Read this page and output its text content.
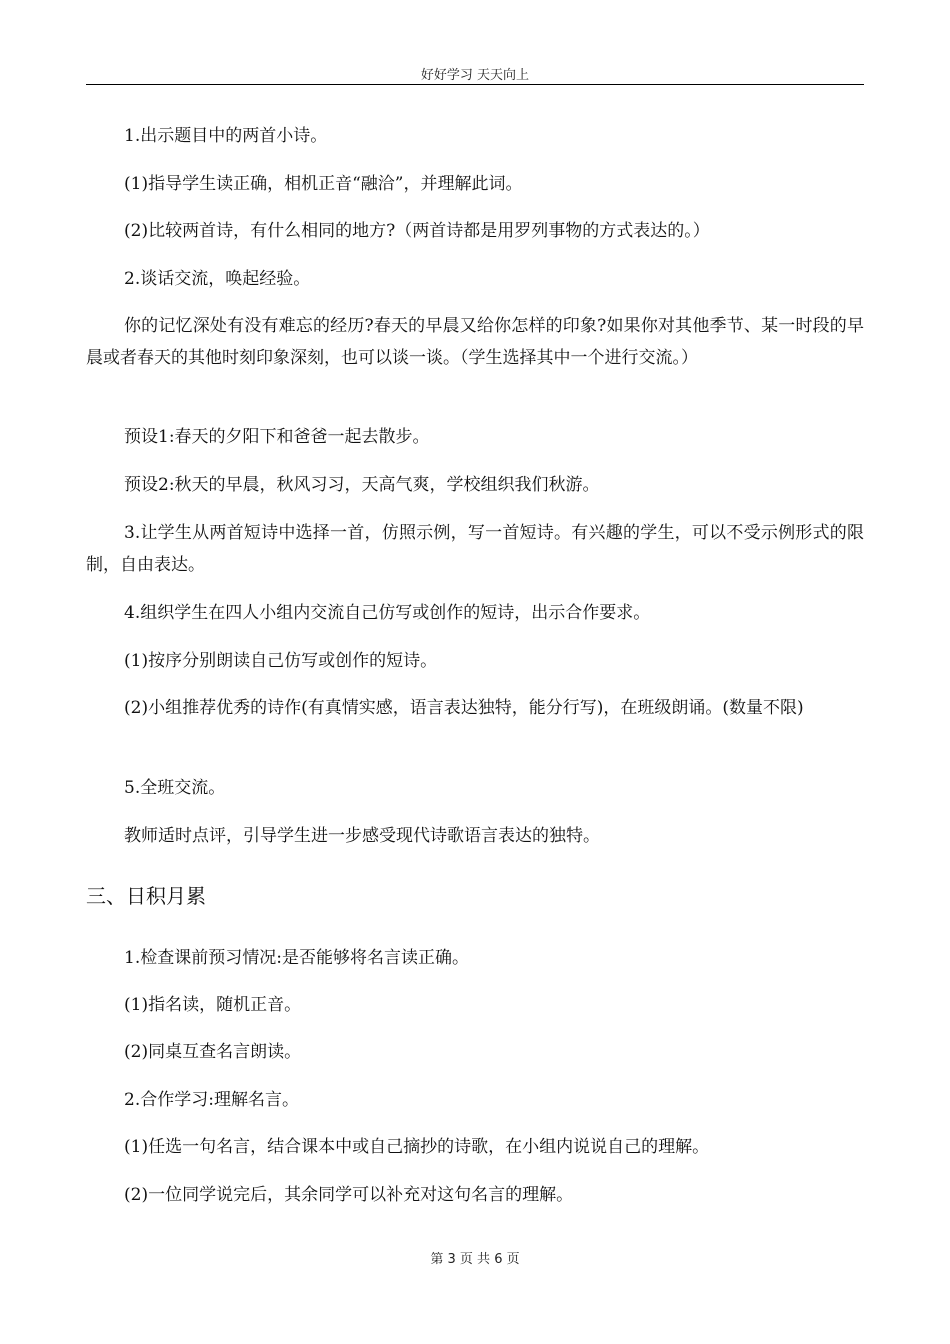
好好学习 天天向上

1.出示题目中的两首小诗。

(1)指导学生读正确，相机正音“融洽”，并理解此词。

(2)比较两首诗，有什么相同的地方?（两首诗都是用罗列事物的方式表达的。）

2.谈话交流，唤起经验。

你的记忆深处有没有难忘的经历?春天的早晨又给你怎样的印象?如果你对其他季节、某一时段的早晨或者春天的其他时刻印象深刻，也可以谈一谈。（学生选择其中一个进行交流。）

预设1:春天的夕阳下和爸爸一起去散步。

预设2:秋天的早晨，秋风习习，天高气爽，学校组织我们秋游。

3.让学生从两首短诗中选择一首，仿照示例，写一首短诗。有兴趣的学生，可以不受示例形式的限制，自由表达。

4.组织学生在四人小组内交流自己仿写或创作的短诗，出示合作要求。

(1)按序分别朗读自己仿写或创作的短诗。

(2)小组推荐优秀的诗作(有真情实感，语言表达独特，能分行写)，在班级朗诵。(数量不限)

5.全班交流。

教师适时点评，引导学生进一步感受现代诗歌语言表达的独特。

三、日积月累

1.检查课前预习情况:是否能够将名言读正确。

(1)指名读，随机正音。

(2)同桌互查名言朗读。

2.合作学习:理解名言。

(1)任选一句名言，结合课本中或自己摘抄的诗歌，在小组内说说自己的理解。

(2)一位同学说完后，其余同学可以补充对这句名言的理解。

第 3 页 共 6 页
